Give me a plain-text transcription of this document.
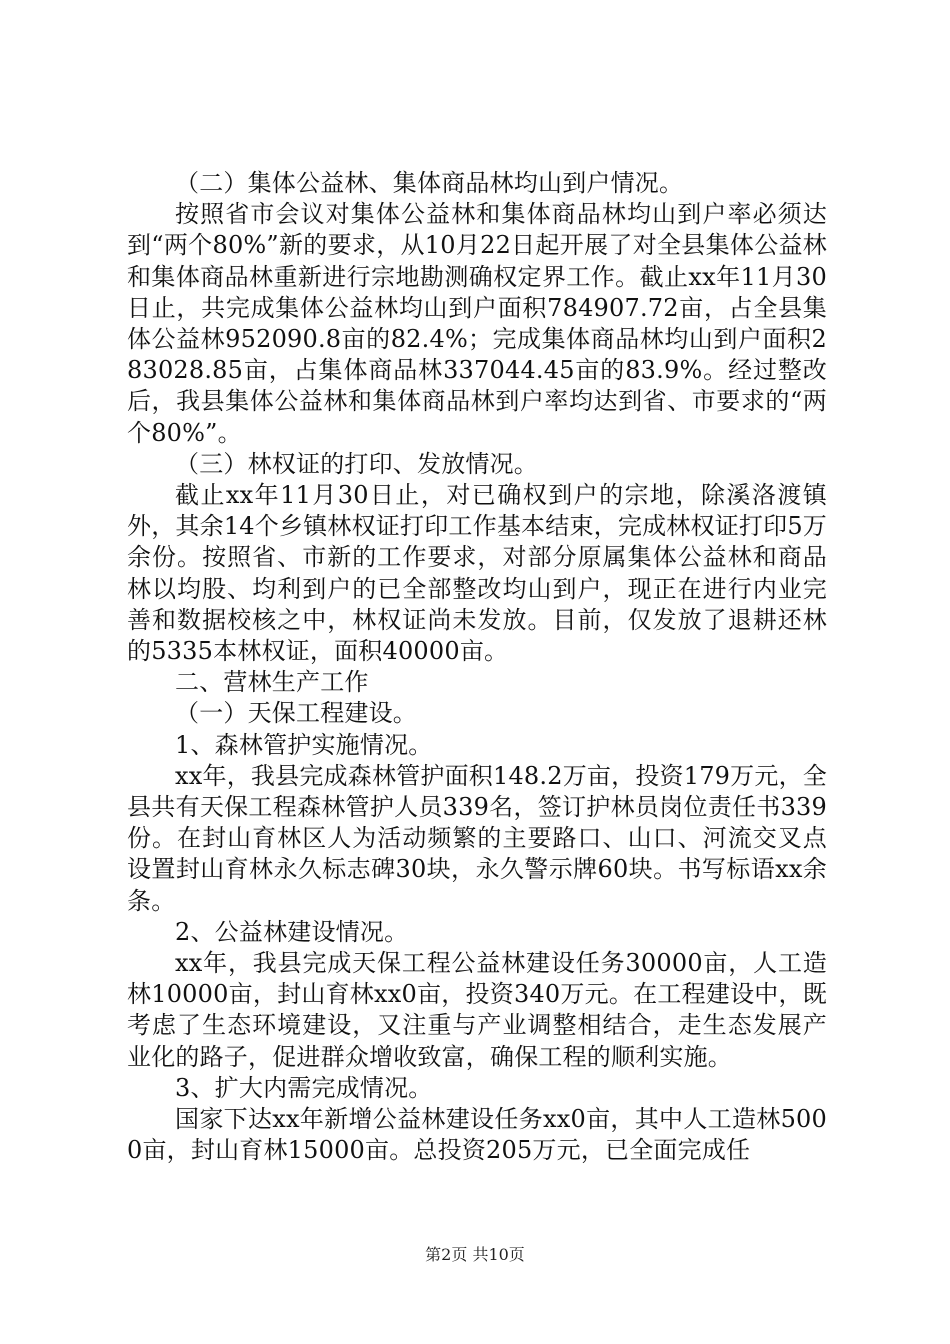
（二）集体公益林、集体商品林均山到户情况。

按照省市会议对集体公益林和集体商品林均山到户率必须达到“两个80%”新的要求，从10月22日起开展了对全县集体公益林和集体商品林重新进行宗地勘测确权定界工作。截止xx年11月30日止，共完成集体公益林均山到户面积784907.72亩，占全县集体公益林952090.8亩的82.4%；完成集体商品林均山到户面积283028.85亩，占集体商品林337044.45亩的83.9%。经过整改后，我县集体公益林和集体商品林到户率均达到省、市要求的“两个80%”。

（三）林权证的打印、发放情况。

截止xx年11月30日止，对已确权到户的宗地，除溪洛渡镇外，其余14个乡镇林权证打印工作基本结束，完成林权证打印5万余份。按照省、市新的工作要求，对部分原属集体公益林和商品林以均股、均利到户的已全部整改均山到户，现正在进行内业完善和数据校核之中，林权证尚未发放。目前，仅发放了退耕还林的5335本林权证，面积40000亩。

二、营林生产工作

（一）天保工程建设。

1、森林管护实施情况。

xx年，我县完成森林管护面积148.2万亩，投资179万元，全县共有天保工程森林管护人员339名，签订护林员岗位责任书339份。在封山育林区人为活动频繁的主要路口、山口、河流交叉点设置封山育林永久标志碑30块，永久警示牌60块。书写标语xx余条。

2、公益林建设情况。

xx年，我县完成天保工程公益林建设任务30000亩，人工造林10000亩，封山育林xx0亩，投资340万元。在工程建设中，既考虑了生态环境建设，又注重与产业调整相结合，走生态发展产业化的路子，促进群众增收致富，确保工程的顺利实施。

3、扩大内需完成情况。

国家下达xx年新增公益林建设任务xx0亩，其中人工造林5000亩，封山育林15000亩。总投资205万元，已全面完成任

第2页 共10页
